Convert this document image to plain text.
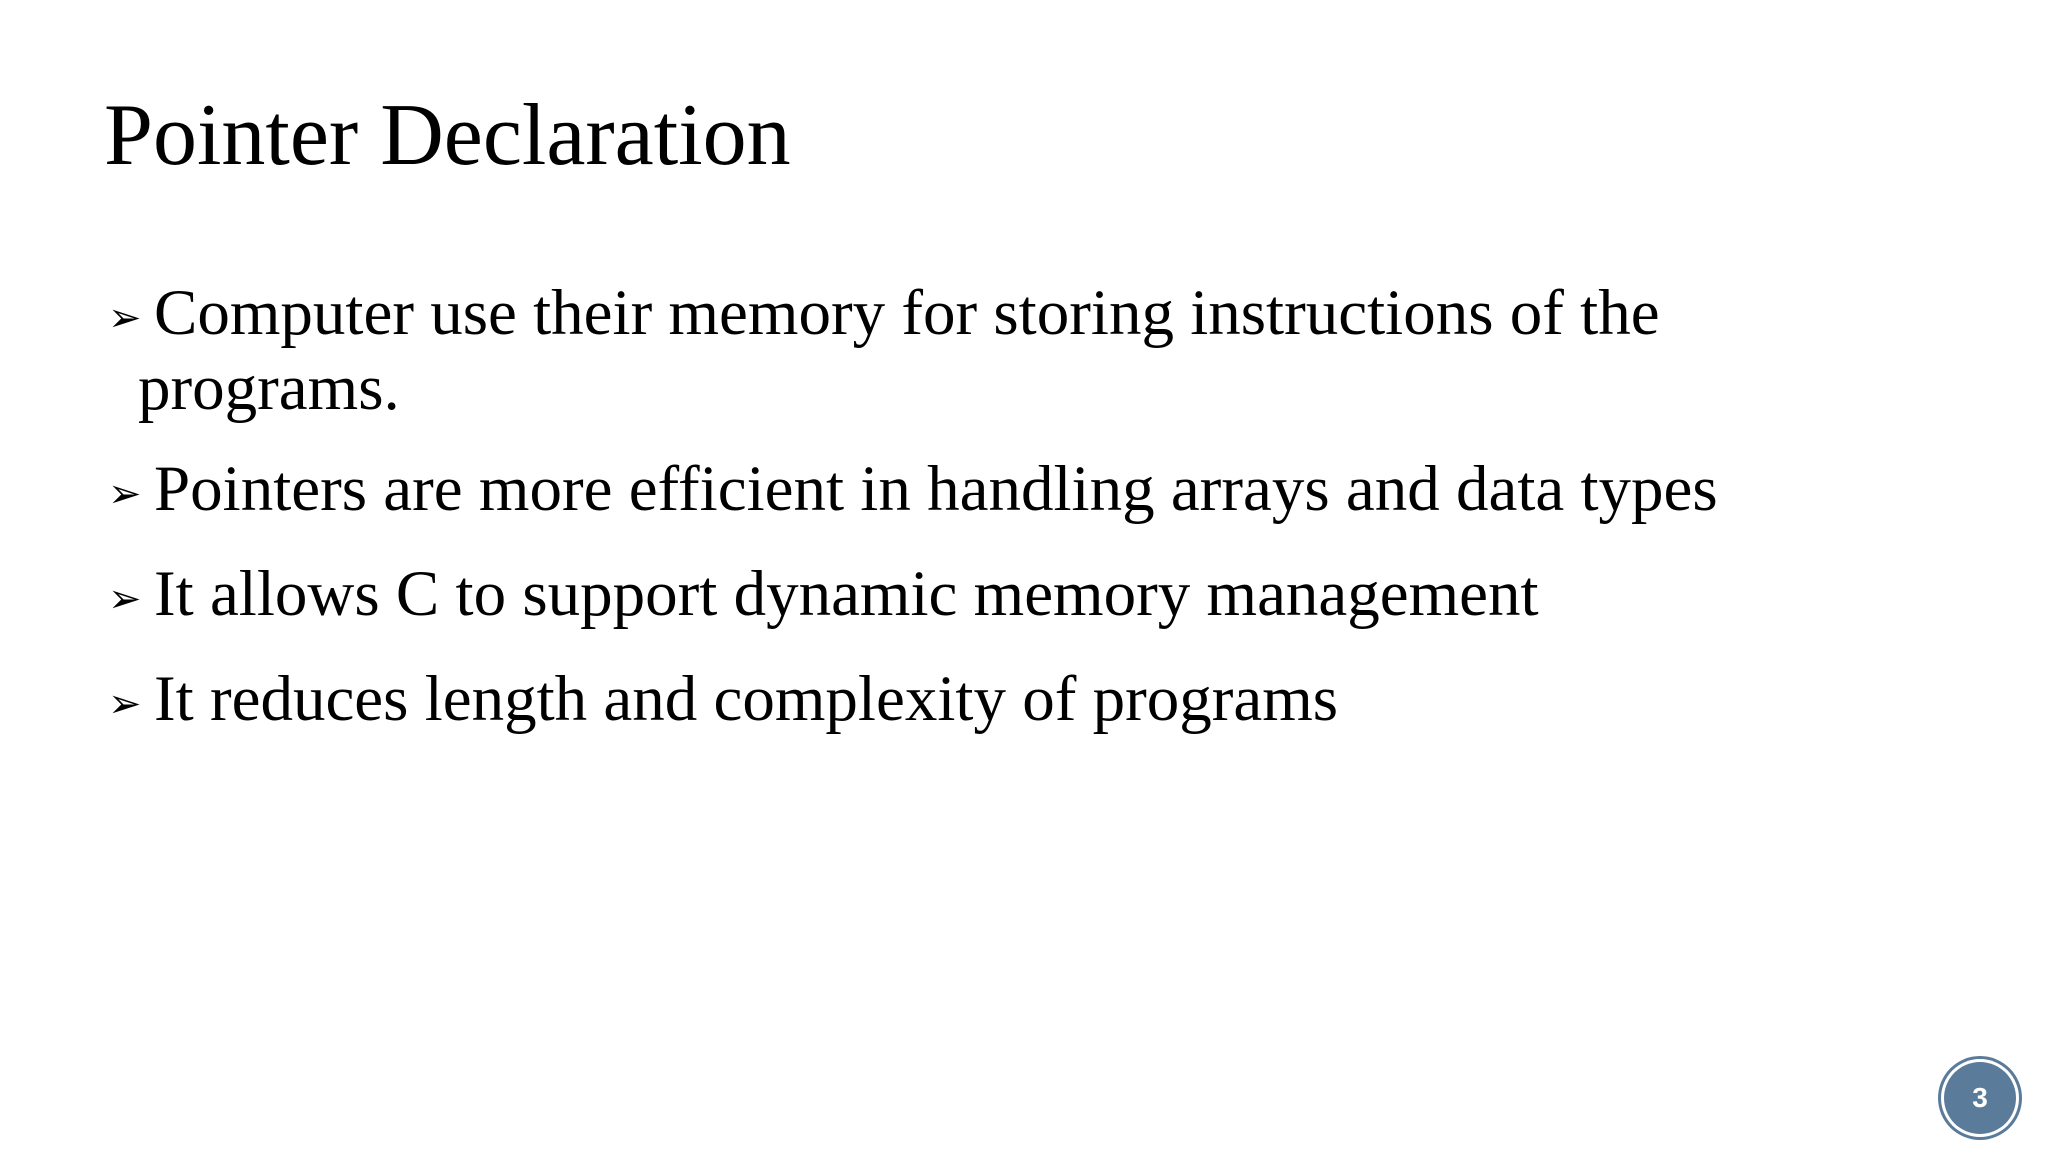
Pointer Declaration
➢ Computer use their memory for storing instructions of the
programs.
➢ Pointers are more efficient in handling arrays and data types
➢ It allows C to support dynamic memory management
➢ It reduces length and complexity of programs
3
